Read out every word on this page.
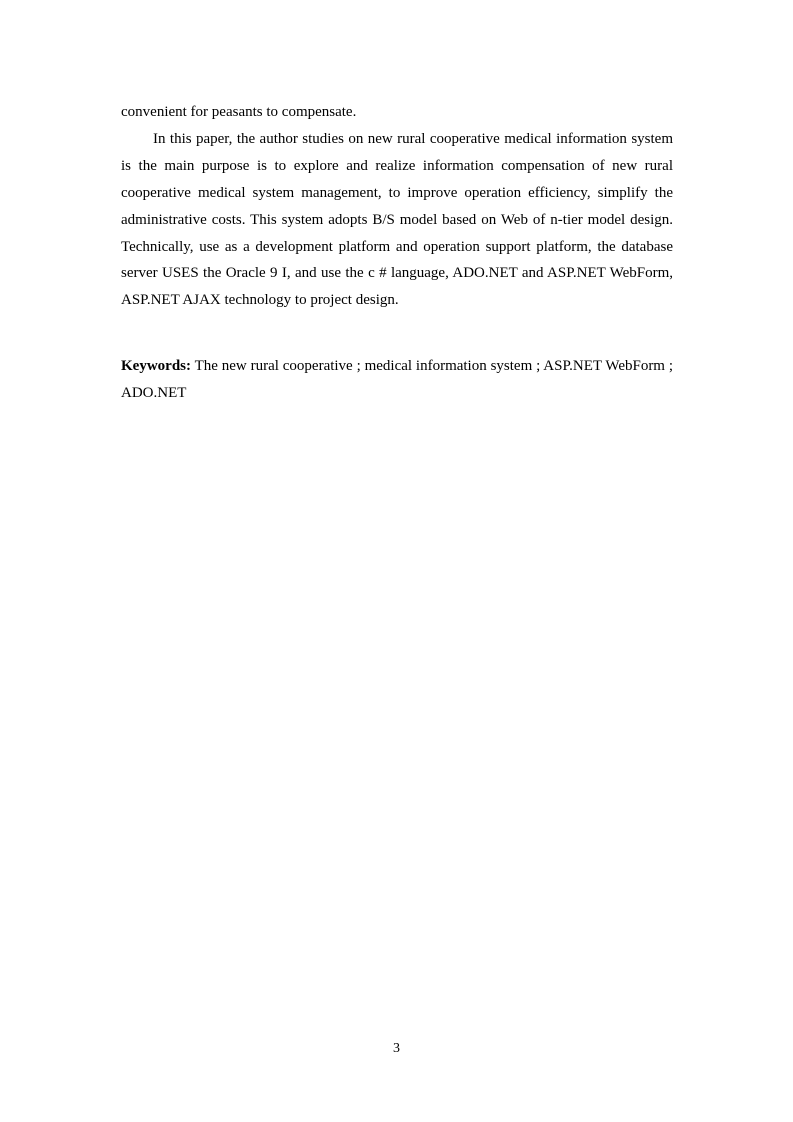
convenient for peasants to compensate.

In this paper, the author studies on new rural cooperative medical information system is the main purpose is to explore and realize information compensation of new rural cooperative medical system management, to improve operation efficiency, simplify the administrative costs. This system adopts B/S model based on Web of n-tier model design. Technically, use as a development platform and operation support platform, the database server USES the Oracle 9 I, and use the c # language, ADO.NET and ASP.NET WebForm, ASP.NET AJAX technology to project design.

Keywords: The new rural cooperative ; medical information system ; ASP.NET WebForm ; ADO.NET

3
